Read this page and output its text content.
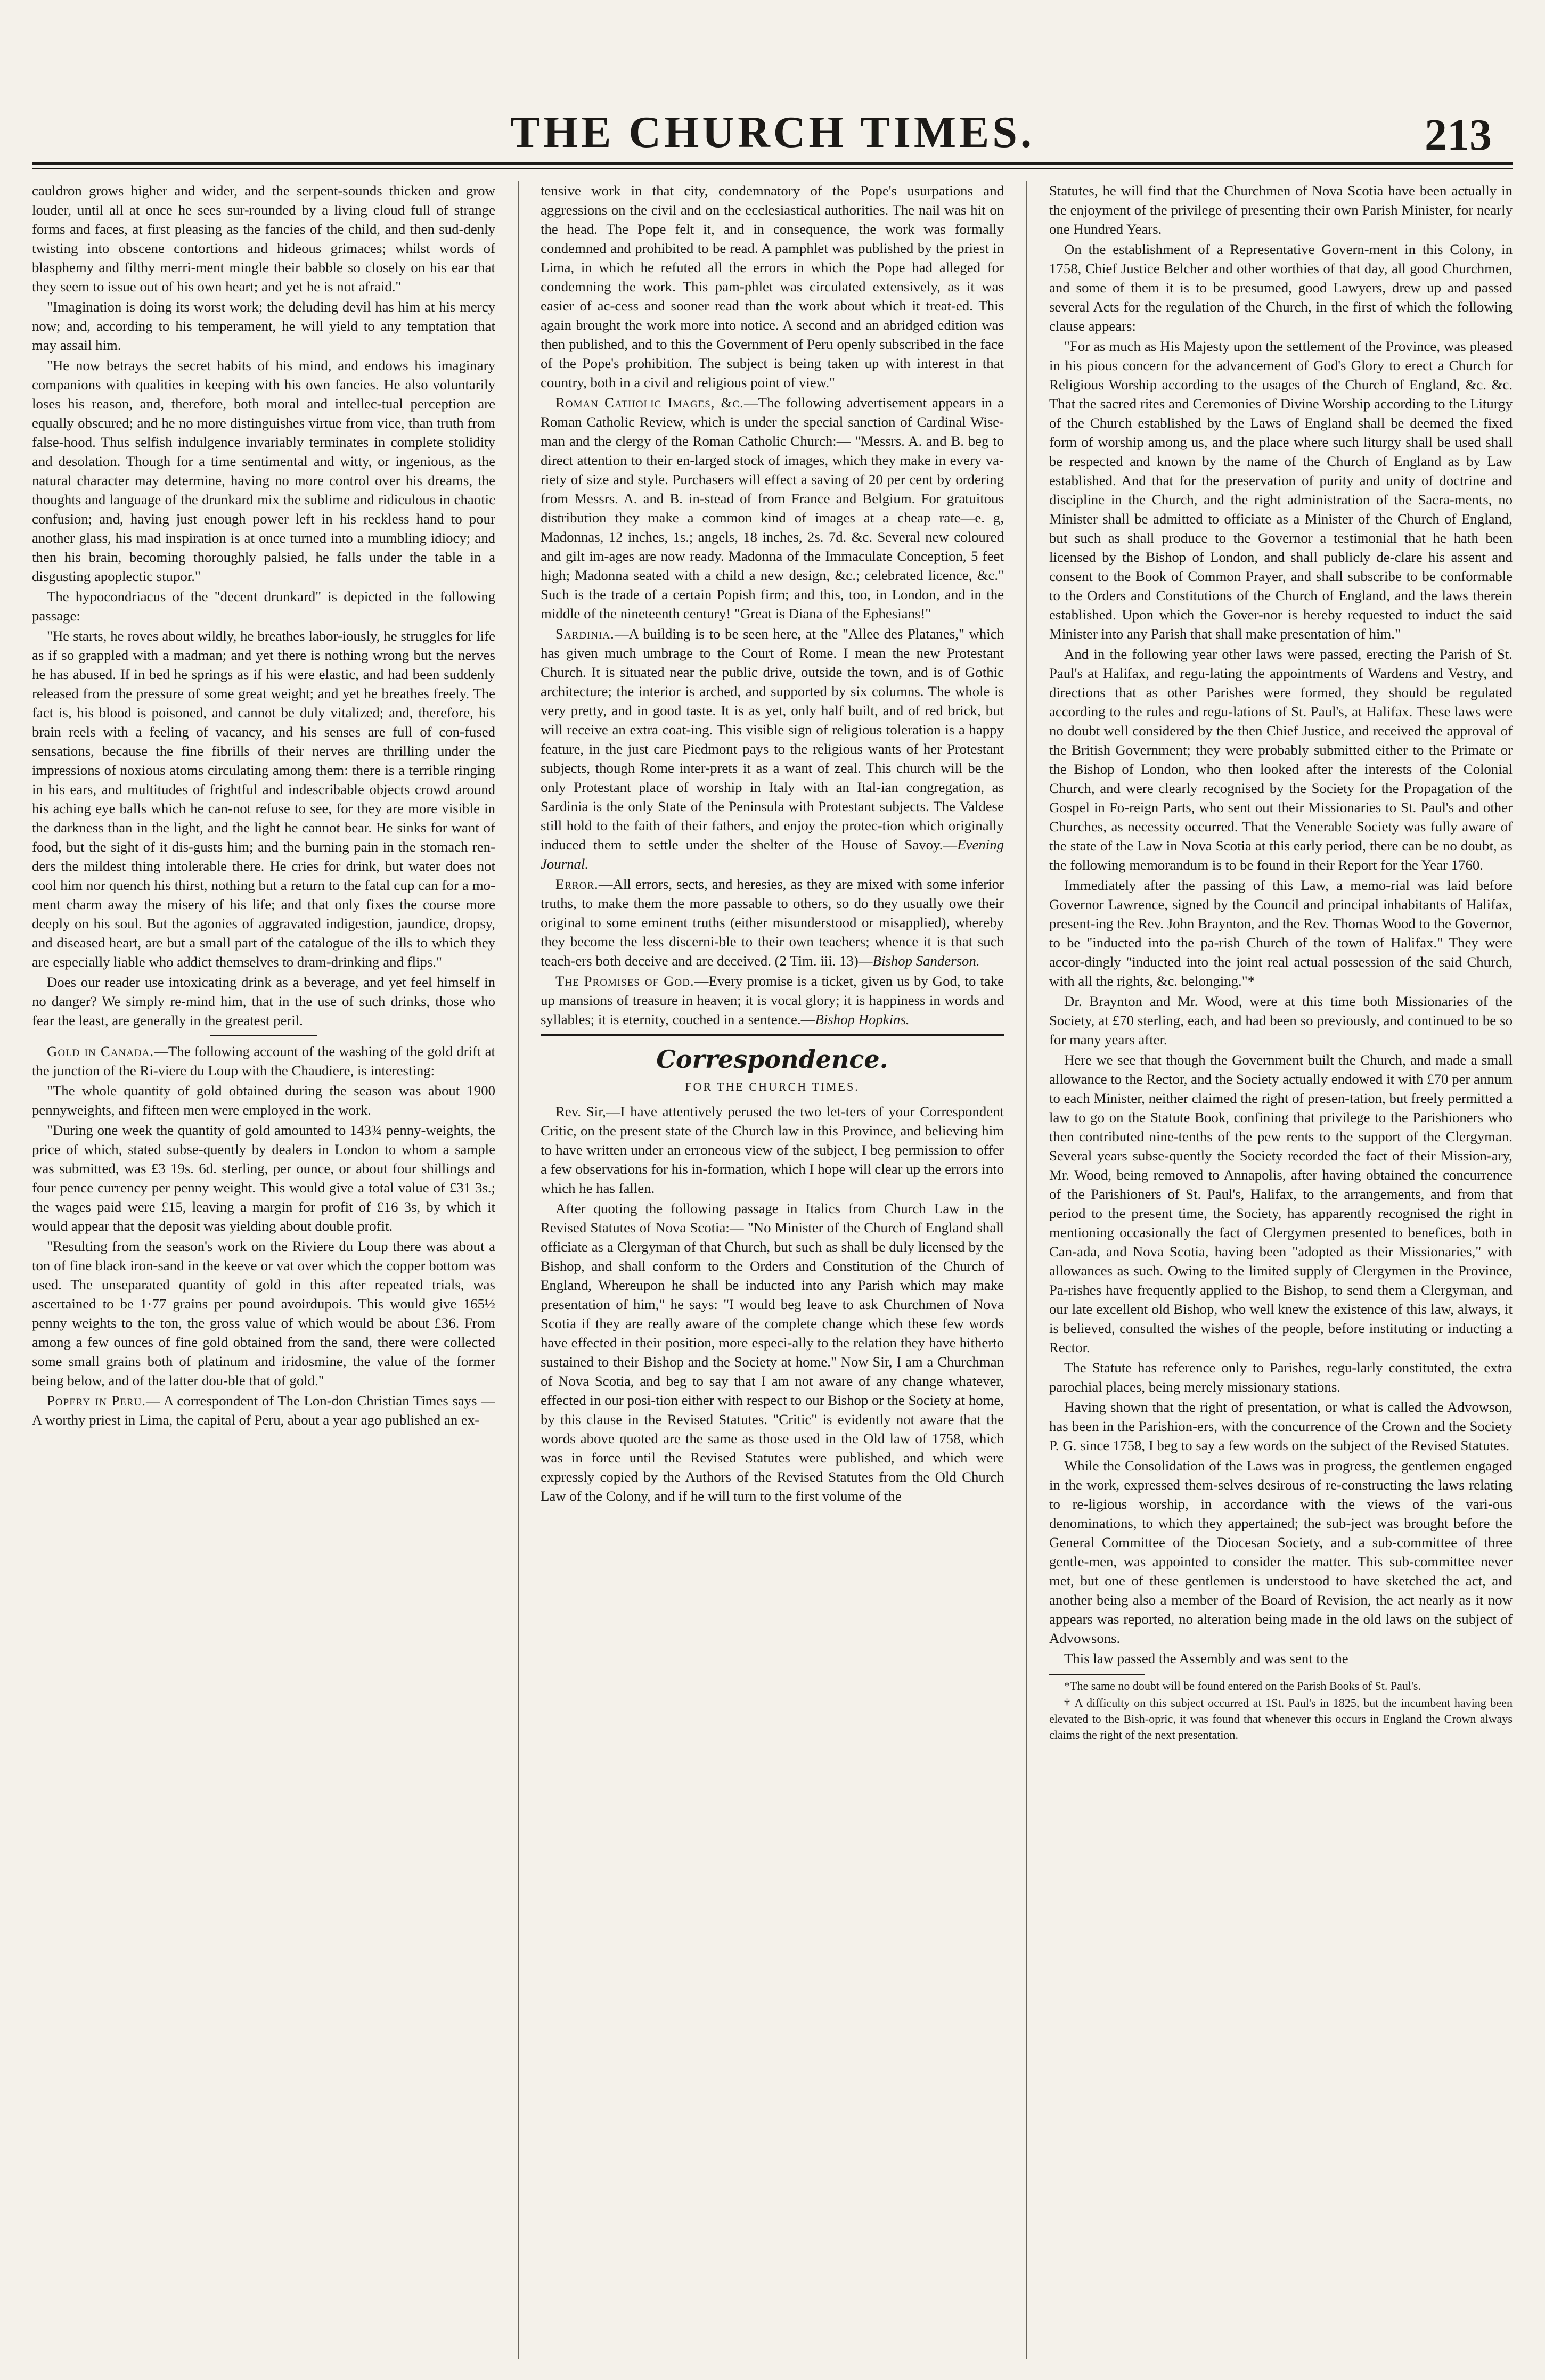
THE CHURCH TIMES.	213

cauldron grows higher and wider, and the serpent-sounds thicken and grow louder, until all at once he sees sur-rounded by a living cloud full of strange forms and faces, at first pleasing as the fancies of the child, and then sud-denly twisting into obscene contortions and hideous grimaces; whilst words of blasphemy and filthy merri-ment mingle their babble so closely on his ear that they seem to issue out of his own heart; and yet he is not afraid."

"Imagination is doing its worst work; the deluding devil has him at his mercy now; and, according to his temperament, he will yield to any temptation that may assail him.

"He now betrays the secret habits of his mind, and endows his imaginary companions with qualities in keeping with his own fancies. He also voluntarily loses his reason, and, therefore, both moral and intellec-tual perception are equally obscured; and he no more distinguishes virtue from vice, than truth from false-hood. Thus selfish indulgence invariably terminates in complete stolidity and desolation. Though for a time sentimental and witty, or ingenious, as the natural character may determine, having no more control over his dreams, the thoughts and language of the drunkard mix the sublime and ridiculous in chaotic confusion; and, having just enough power left in his reckless hand to pour another glass, his mad inspiration is at once turned into a mumbling idiocy; and then his brain, becoming thoroughly palsied, he falls under the table in a disgusting apoplectic stupor."

The hypocondriacus of the "decent drunkard" is depicted in the following passage:

"He starts, he roves about wildly, he breathes labor-iously, he struggles for life as if so grappled with a madman; and yet there is nothing wrong but the nerves he has abused. If in bed he springs as if his were elastic, and had been suddenly released from the pressure of some great weight; and yet he breathes freely. The fact is, his blood is poisoned, and cannot be duly vitalized; and, therefore, his brain reels with a feeling of vacancy, and his senses are full of con-fused sensations, because the fine fibrills of their nerves are thrilling under the impressions of noxious atoms circulating among them: there is a terrible ringing in his ears, and multitudes of frightful and indescribable objects crowd around his aching eye balls which he can-not refuse to see, for they are more visible in the darkness than in the light, and the light he cannot bear. He sinks for want of food, but the sight of it dis-gusts him; and the burning pain in the stomach ren-ders the mildest thing intolerable there. He cries for drink, but water does not cool him nor quench his thirst, nothing but a return to the fatal cup can for a mo-ment charm away the misery of his life; and that only fixes the course more deeply on his soul. But the agonies of aggravated indigestion, jaundice, dropsy, and diseased heart, are but a small part of the catalogue of the ills to which they are especially liable who addict themselves to dram-drinking and flips."

Does our reader use intoxicating drink as a beverage, and yet feel himself in no danger? We simply re-mind him, that in the use of such drinks, those who fear the least, are generally in the greatest peril.

Gold in Canada.—The following account of the washing of the gold drift at the junction of the Ri-viere du Loup with the Chaudiere, is interesting:

"The whole quantity of gold obtained during the season was about 1900 pennyweights, and fifteen men were employed in the work.

"During one week the quantity of gold amounted to 143¾ penny-weights, the price of which, stated subse-quently by dealers in London to whom a sample was submitted, was £3 19s. 6d. sterling, per ounce, or about four shillings and four pence currency per penny weight. This would give a total value of £31 3s.; the wages paid were £15, leaving a margin for profit of £16 3s, by which it would appear that the deposit was yielding about double profit.

"Resulting from the season's work on the Riviere du Loup there was about a ton of fine black iron-sand in the keeve or vat over which the copper bottom was used. The unseparated quantity of gold in this after repeated trials, was ascertained to be 1·77 grains per pound avoirdupois. This would give 165½ penny weights to the ton, the gross value of which would be about £36. From among a few ounces of fine gold obtained from the sand, there were collected some small grains both of platinum and iridosmine, the value of the former being below, and of the latter dou-ble that of gold."

Popery in Peru.— A correspondent of The Lon-don Christian Times says — A worthy priest in Lima, the capital of Peru, about a year ago published an ex-

tensive work in that city, condemnatory of the Pope's usurpations and aggressions on the civil and on the ecclesiastical authorities. The nail was hit on the head. The Pope felt it, and in consequence, the work was formally condemned and prohibited to be read. A pamphlet was published by the priest in Lima, in which he refuted all the errors in which the Pope had alleged for condemning the work. This pam-phlet was circulated extensively, as it was easier of ac-cess and sooner read than the work about which it treat-ed. This again brought the work more into notice. A second and an abridged edition was then published, and to this the Government of Peru openly subscribed in the face of the Pope's prohibition. The subject is being taken up with interest in that country, both in a civil and religious point of view."

Roman Catholic Images, &c.—The following advertisement appears in a Roman Catholic Review, which is under the special sanction of Cardinal Wise-man and the clergy of the Roman Catholic Church:— "Messrs. A. and B. beg to direct attention to their en-larged stock of images, which they make in every va-riety of size and style. Purchasers will effect a saving of 20 per cent by ordering from Messrs. A. and B. in-stead of from France and Belgium. For gratuitous distribution they make a common kind of images at a cheap rate—e. g, Madonnas, 12 inches, 1s.; angels, 18 inches, 2s. 7d. &c. Several new coloured and gilt im-ages are now ready. Madonna of the Immaculate Conception, 5 feet high; Madonna seated with a child a new design, &c.; celebrated licence, &c." Such is the trade of a certain Popish firm; and this, too, in London, and in the middle of the nineteenth century! "Great is Diana of the Ephesians!"

Sardinia.—A building is to be seen here, at the "Allee des Platanes," which has given much umbrage to the Court of Rome. I mean the new Protestant Church. It is situated near the public drive, outside the town, and is of Gothic architecture; the interior is arched, and supported by six columns. The whole is very pretty, and in good taste. It is as yet, only half built, and of red brick, but will receive an extra coat-ing. This visible sign of religious toleration is a happy feature, in the just care Piedmont pays to the religious wants of her Protestant subjects, though Rome inter-prets it as a want of zeal. This church will be the only Protestant place of worship in Italy with an Ital-ian congregation, as Sardinia is the only State of the Peninsula with Protestant subjects. The Valdese still hold to the faith of their fathers, and enjoy the protec-tion which originally induced them to settle under the shelter of the House of Savoy.—Evening Journal.

Error.—All errors, sects, and heresies, as they are mixed with some inferior truths, to make them the more passable to others, so do they usually owe their original to some eminent truths (either misunderstood or misapplied), whereby they become the less discerni-ble to their own teachers; whence it is that such teach-ers both deceive and are deceived. (2 Tim. iii. 13)—Bishop Sanderson.

The Promises of God.—Every promise is a ticket, given us by God, to take up mansions of treasure in heaven; it is vocal glory; it is happiness in words and syllables; it is eternity, couched in a sentence.—Bishop Hopkins.

Correspondence.
FOR THE CHURCH TIMES.

Rev. Sir,—I have attentively perused the two let-ters of your Correspondent Critic, on the present state of the Church law in this Province, and believing him to have written under an erroneous view of the subject, I beg permission to offer a few observations for his in-formation, which I hope will clear up the errors into which he has fallen.

After quoting the following passage in Italics from Church Law in the Revised Statutes of Nova Scotia:— "No Minister of the Church of England shall officiate as a Clergyman of that Church, but such as shall be duly licensed by the Bishop, and shall conform to the Orders and Constitution of the Church of England, Whereupon he shall be inducted into any Parish which may make presentation of him," he says: "I would beg leave to ask Churchmen of Nova Scotia if they are really aware of the complete change which these few words have effected in their position, more especi-ally to the relation they have hitherto sustained to their Bishop and the Society at home." Now Sir, I am a Churchman of Nova Scotia, and beg to say that I am not aware of any change whatever, effected in our posi-tion either with respect to our Bishop or the Society at home, by this clause in the Revised Statutes. "Critic" is evidently not aware that the words above quoted are the same as those used in the Old law of 1758, which was in force until the Revised Statutes were published, and which were expressly copied by the Authors of the Revised Statutes from the Old Church Law of the Colony, and if he will turn to the first volume of the

Statutes, he will find that the Churchmen of Nova Scotia have been actually in the enjoyment of the privilege of presenting their own Parish Minister, for nearly one Hundred Years.

On the establishment of a Representative Govern-ment in this Colony, in 1758, Chief Justice Belcher and other worthies of that day, all good Churchmen, and some of them it is to be presumed, good Lawyers, drew up and passed several Acts for the regulation of the Church, in the first of which the following clause appears:

"For as much as His Majesty upon the settlement of the Province, was pleased in his pious concern for the advancement of God's Glory to erect a Church for Religious Worship according to the usages of the Church of England, &c. &c. That the sacred rites and Ceremonies of Divine Worship according to the Liturgy of the Church established by the Laws of England shall be deemed the fixed form of worship among us, and the place where such liturgy shall be used shall be respected and known by the name of the Church of England as by Law established. And that for the preservation of purity and unity of doctrine and discipline in the Church, and the right administration of the Sacra-ments, no Minister shall be admitted to officiate as a Minister of the Church of England, but such as shall produce to the Governor a testimonial that he hath been licensed by the Bishop of London, and shall publicly de-clare his assent and consent to the Book of Common Prayer, and shall subscribe to be conformable to the Orders and Constitutions of the Church of England, and the laws therein established. Upon which the Gover-nor is hereby requested to induct the said Minister into any Parish that shall make presentation of him."

And in the following year other laws were passed, erecting the Parish of St. Paul's at Halifax, and regu-lating the appointments of Wardens and Vestry, and directions that as other Parishes were formed, they should be regulated according to the rules and regu-lations of St. Paul's, at Halifax. These laws were no doubt well considered by the then Chief Justice, and received the approval of the British Government; they were probably submitted either to the Primate or the Bishop of London, who then looked after the interests of the Colonial Church, and were clearly recognised by the Society for the Propagation of the Gospel in Fo-reign Parts, who sent out their Missionaries to St. Paul's and other Churches, as necessity occurred. That the Venerable Society was fully aware of the state of the Law in Nova Scotia at this early period, there can be no doubt, as the following memorandum is to be found in their Report for the Year 1760.

Immediately after the passing of this Law, a memo-rial was laid before Governor Lawrence, signed by the Council and principal inhabitants of Halifax, present-ing the Rev. John Braynton, and the Rev. Thomas Wood to the Governor, to be "inducted into the pa-rish Church of the town of Halifax." They were accor-dingly "inducted into the joint real actual possession of the said Church, with all the rights, &c. belonging."*

Dr. Braynton and Mr. Wood, were at this time both Missionaries of the Society, at £70 sterling, each, and had been so previously, and continued to be so for many years after.

Here we see that though the Government built the Church, and made a small allowance to the Rector, and the Society actually endowed it with £70 per annum to each Minister, neither claimed the right of presen-tation, but freely permitted a law to go on the Statute Book, confining that privilege to the Parishioners who then contributed nine-tenths of the pew rents to the support of the Clergyman. Several years subse-quently the Society recorded the fact of their Mission-ary, Mr. Wood, being removed to Annapolis, after having obtained the concurrence of the Parishioners of St. Paul's, Halifax, to the arrangements, and from that period to the present time, the Society, has apparently recognised the right in mentioning occasionally the fact of Clergymen presented to benefices, both in Can-ada, and Nova Scotia, having been "adopted as their Missionaries," with allowances as such. Owing to the limited supply of Clergymen in the Province, Pa-rishes have frequently applied to the Bishop, to send them a Clergyman, and our late excellent old Bishop, who well knew the existence of this law, always, it is believed, consulted the wishes of the people, before instituting or inducting a Rector.

The Statute has reference only to Parishes, regu-larly constituted, the extra parochial places, being merely missionary stations.

Having shown that the right of presentation, or what is called the Advowson, has been in the Parishion-ers, with the concurrence of the Crown and the Society P. G. since 1758, I beg to say a few words on the subject of the Revised Statutes.

While the Consolidation of the Laws was in progress, the gentlemen engaged in the work, expressed them-selves desirous of re-constructing the laws relating to re-ligious worship, in accordance with the views of the vari-ous denominations, to which they appertained; the sub-ject was brought before the General Committee of the Diocesan Society, and a sub-committee of three gentle-men, was appointed to consider the matter. This sub-committee never met, but one of these gentlemen is understood to have sketched the act, and another being also a member of the Board of Revision, the act nearly as it now appears was reported, no alteration being made in the old laws on the subject of Advowsons.

This law passed the Assembly and was sent to the

*The same no doubt will be found entered on the Parish Books of St. Paul's.

† A difficulty on this subject occurred at 1St. Paul's in 1825, but the incumbent having been elevated to the Bish-opric, it was found that whenever this occurs in England the Crown always claims the right of the next presentation.
